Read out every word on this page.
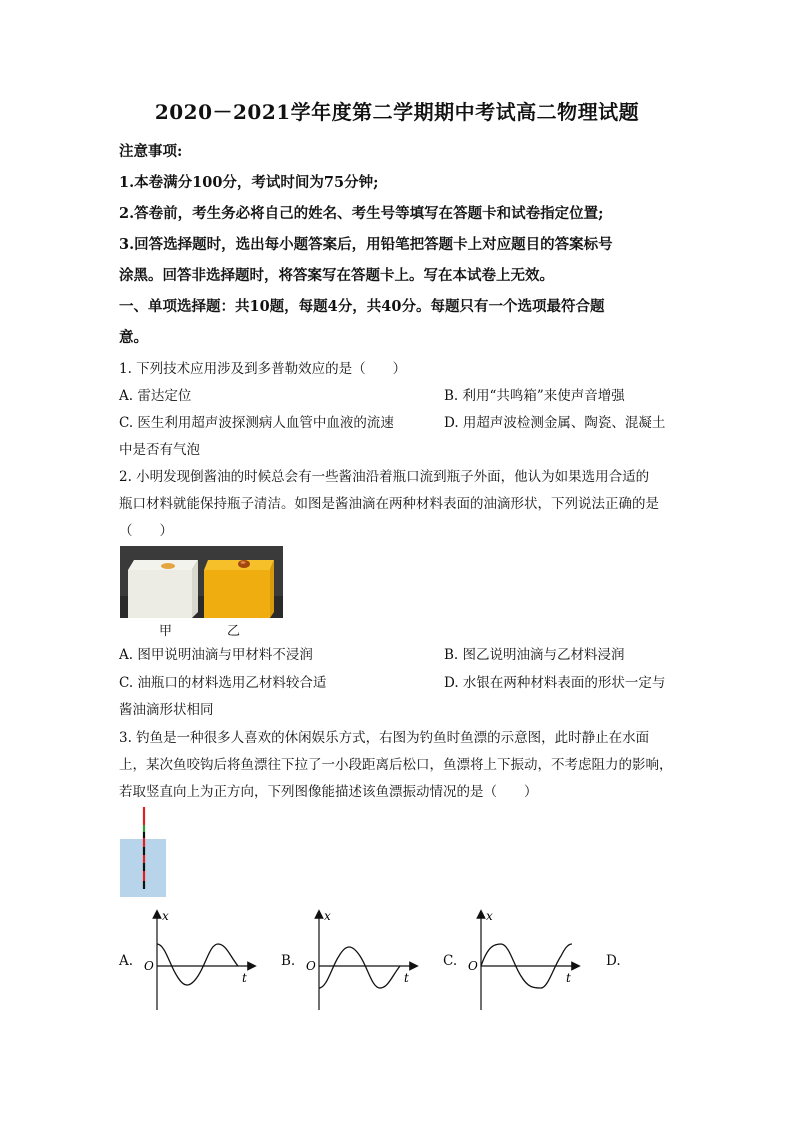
2020－2021学年度第二学期期中考试高二物理试题
注意事项:
1.本卷满分100分，考试时间为75分钟;
2.答卷前，考生务必将自己的姓名、考生号等填写在答题卡和试卷指定位置;
3.回答选择题时，选出每小题答案后，用铅笔把答题卡上对应题目的答案标号
涂黑。回答非选择题时，将答案写在答题卡上。写在本试卷上无效。
一、单项选择题：共10题，每题4分，共40分。每题只有一个选项最符合题
意。
1. 下列技术应用涉及到多普勒效应的是（　　）
A. 雷达定位	B. 利用“共鸣箱”来使声音增强
C. 医生利用超声波探测病人血管中血液的流速	D. 用超声波检测金属、陶瓷、混凝土
中是否有气泡
2. 小明发现倒酱油的时候总会有一些酱油沿着瓶口流到瓶子外面，他认为如果选用合适的
瓶口材料就能保持瓶子清洁。如图是酱油滴在两种材料表面的油滴形状，下列说法正确的是
（　　）
甲	乙
A. 图甲说明油滴与甲材料不浸润	B. 图乙说明油滴与乙材料浸润
C. 油瓶口的材料选用乙材料较合适	D. 水银在两种材料表面的形状一定与
酱油滴形状相同
3. 钓鱼是一种很多人喜欢的休闲娱乐方式，右图为钓鱼时鱼漂的示意图，此时静止在水面
上，某次鱼咬钩后将鱼漂往下拉了一小段距离后松口，鱼漂将上下振动，不考虑阻力的影响，
若取竖直向上为正方向，下列图像能描述该鱼漂振动情况的是（　　）
A.
x
O
t
B.
x
O
t
C.
x
O
t
D.
